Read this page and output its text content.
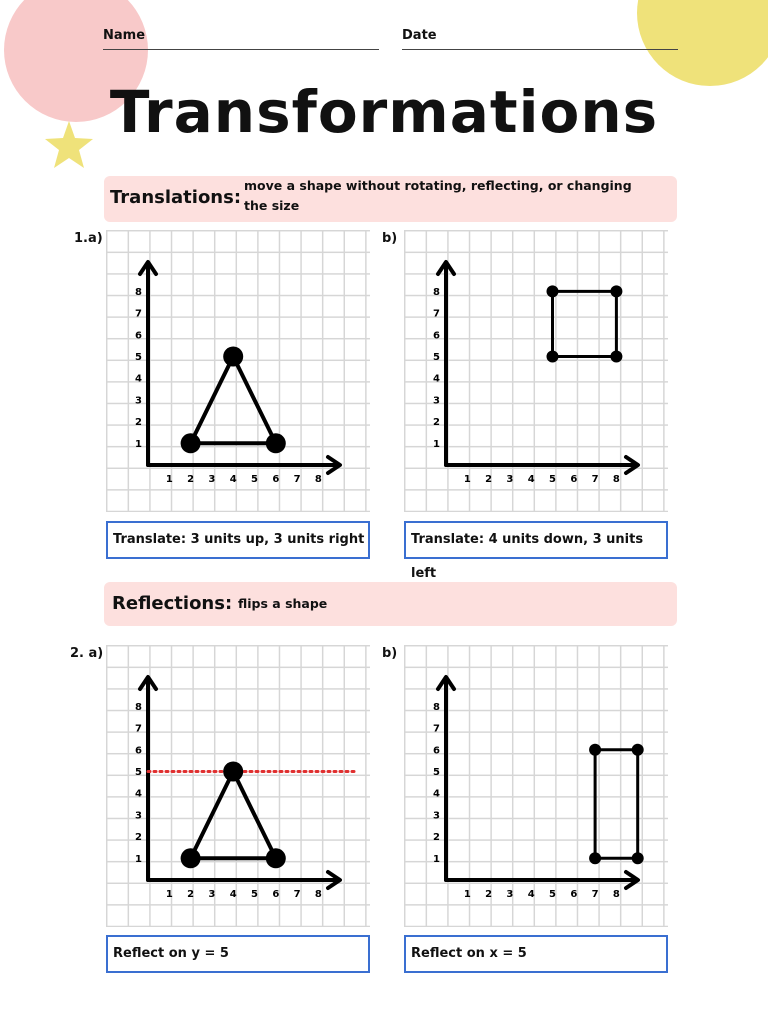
Name	Date
Transformations
Translations:
move a shape without rotating, reflecting, or changing
the size
1.a)
1 2 3 4 5 6 7 8
1
2
3
4
5
6
7
8
Translate: 3 units up, 3 units right
b)
1 2 3 4 5 6 7 8
1
2
3
4
5
6
7
8
Translate: 4 units down, 3 units left
Reflections: flips a shape
2. a)
1 2 3 4 5 6 7 8
1
2
3
4
5
6
7
8
Reflect on y = 5
b)
1 2 3 4 5 6 7 8
1
2
3
4
5
6
7
8
Reflect on x = 5
